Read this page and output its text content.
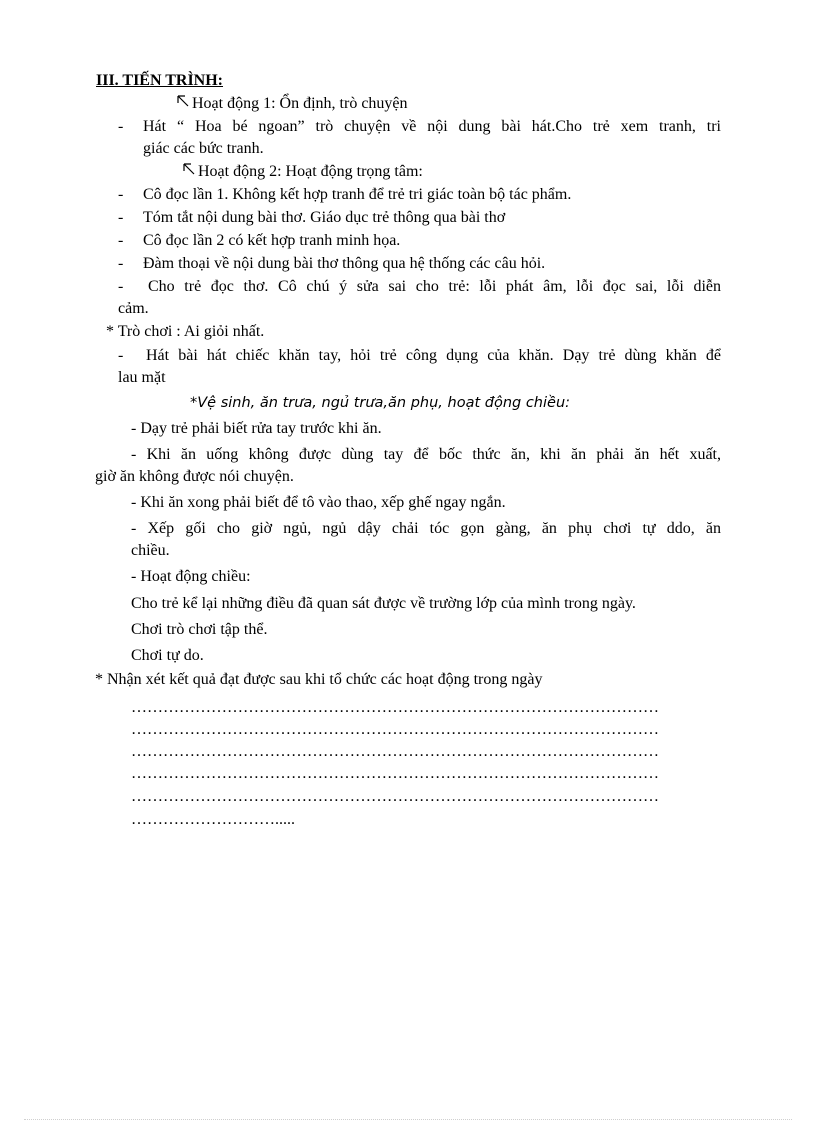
III. TIẾN TRÌNH:
Hoạt động 1: Ổn định, trò chuyện
- Hát “ Hoa bé ngoan” trò chuyện về nội dung bài hát.Cho trẻ xem tranh, tri
giác các bức tranh.
Hoạt động 2: Hoạt động trọng tâm:
- Cô đọc lần 1. Không kết hợp tranh để trẻ tri giác toàn bộ tác phẩm.
- Tóm tắt nội dung bài thơ. Giáo dục trẻ thông qua bài thơ
- Cô đọc lần 2 có kết hợp tranh minh họa.
- Đàm thoại về nội dung bài thơ thông qua hệ thống các câu hỏi.
- Cho trẻ đọc thơ. Cô chú ý sửa sai cho trẻ: lỗi phát âm, lỗi đọc sai, lỗi diễn
cảm.
* Trò chơi : Ai giỏi nhất.
- Hát bài hát chiếc khăn tay, hỏi trẻ công dụng của khăn. Dạy trẻ dùng khăn để
lau mặt
*Vệ sinh, ăn trưa, ngủ trưa,ăn phụ, hoạt động chiều:
- Dạy trẻ phải biết rửa tay trước khi ăn.
- Khi ăn uống không được dùng tay để bốc thức ăn, khi ăn phải ăn hết xuất,
giờ ăn không được nói chuyện.
- Khi ăn xong phải biết để tô vào thao, xếp ghế ngay ngắn.
- Xếp gối cho giờ ngủ, ngủ dậy chải tóc gọn gàng, ăn phụ chơi tự ddo, ăn
chiều.
- Hoạt động chiều:
Cho trẻ kể lại những điều đã quan sát được về trường lớp của mình trong ngày.
Chơi trò chơi tập thể.
Chơi tự do.
* Nhận xét kết quả đạt được sau khi tổ chức các hoạt động trong ngày
………………………………………………………………………………………
………………………………………………………………………………………
………………………………………………………………………………………
………………………………………………………………………………………
………………………………………………………………………………………
……………………….....
